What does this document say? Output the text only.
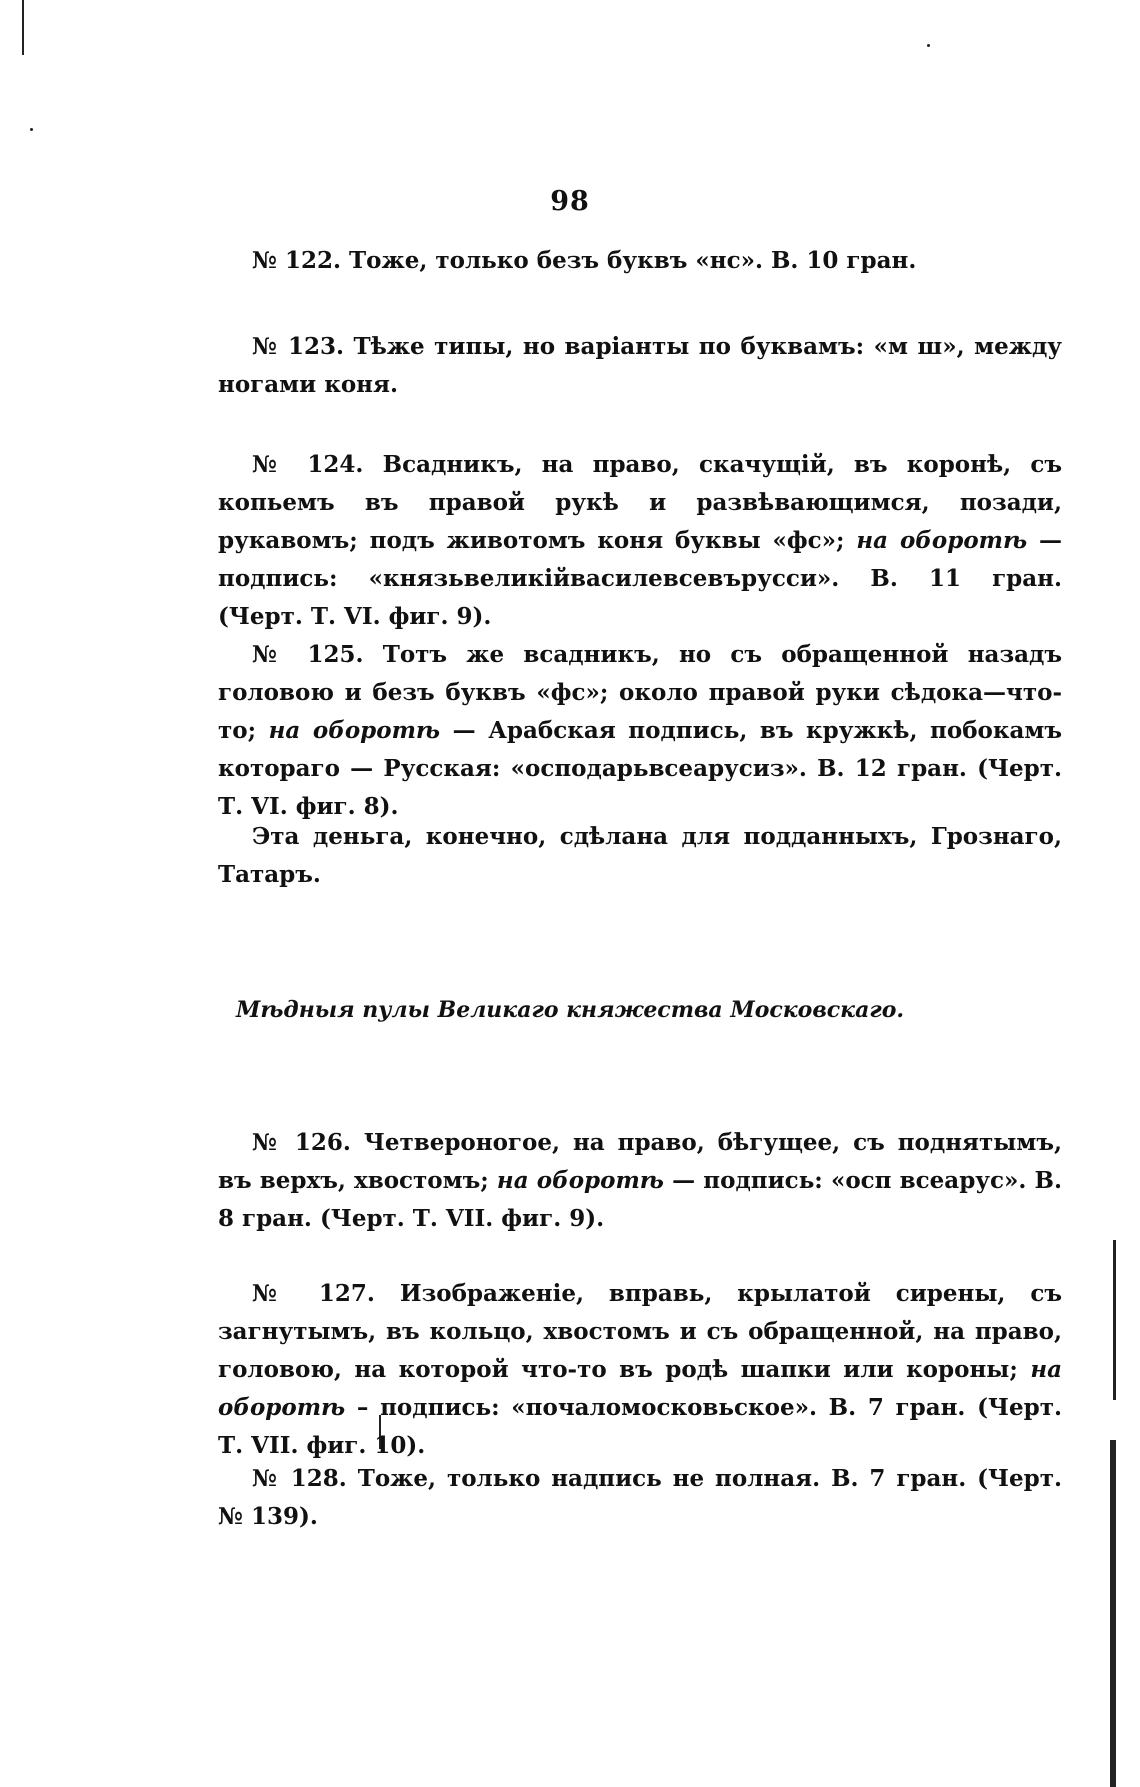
98
№ 122. Тоже, только безъ буквъ «нс». В. 10 гран.
№ 123. Тѣже типы, но варiанты по буквамъ: «м ш», между ногами коня.
№ 124. Всадникъ, на право, скачущiй, въ коронѣ, съ копьемъ въ правой рукѣ и развѣвающимся, позади, рукавомъ; подъ животомъ коня буквы «фс»; на оборотѣ — подпись: «князьвеликiйвасилевсевърусси». В. 11 гран. (Черт. Т. VI. фиг. 9).
№ 125. Тотъ же всадникъ, но съ обращенной назадъ головою и безъ буквъ «фс»; около правой руки сѣдока—что-то; на оборотѣ — Арабская подпись, въ кружкѣ, побокамъ котораго — Русская: «осподарьвсеарусиз». В. 12 гран. (Черт. Т. VI. фиг. 8).
Эта деньга, конечно, сдѣлана для подданныхъ, Грознаго, Татаръ.
Мѣдныя пулы Великаго княжества Московскаго.
№ 126. Четвероногое, на право, бѣгущее, съ поднятымъ, въ верхъ, хвостомъ; на оборотѣ — подпись: «осп всеарус». В. 8 гран. (Черт. Т. VII. фиг. 9).
№ 127. Изображенiе, вправь, крылатой сирены, съ загнутымъ, въ кольцо, хвостомъ и съ обращенной, на право, головою, на которой что-то въ родѣ шапки или короны; на оборотѣ – подпись: «почаломосковьское». В. 7 гран. (Черт. Т. VII. фиг. 10).
№ 128. Тоже, только надпись не полная. В. 7 гран. (Черт. № 139).
